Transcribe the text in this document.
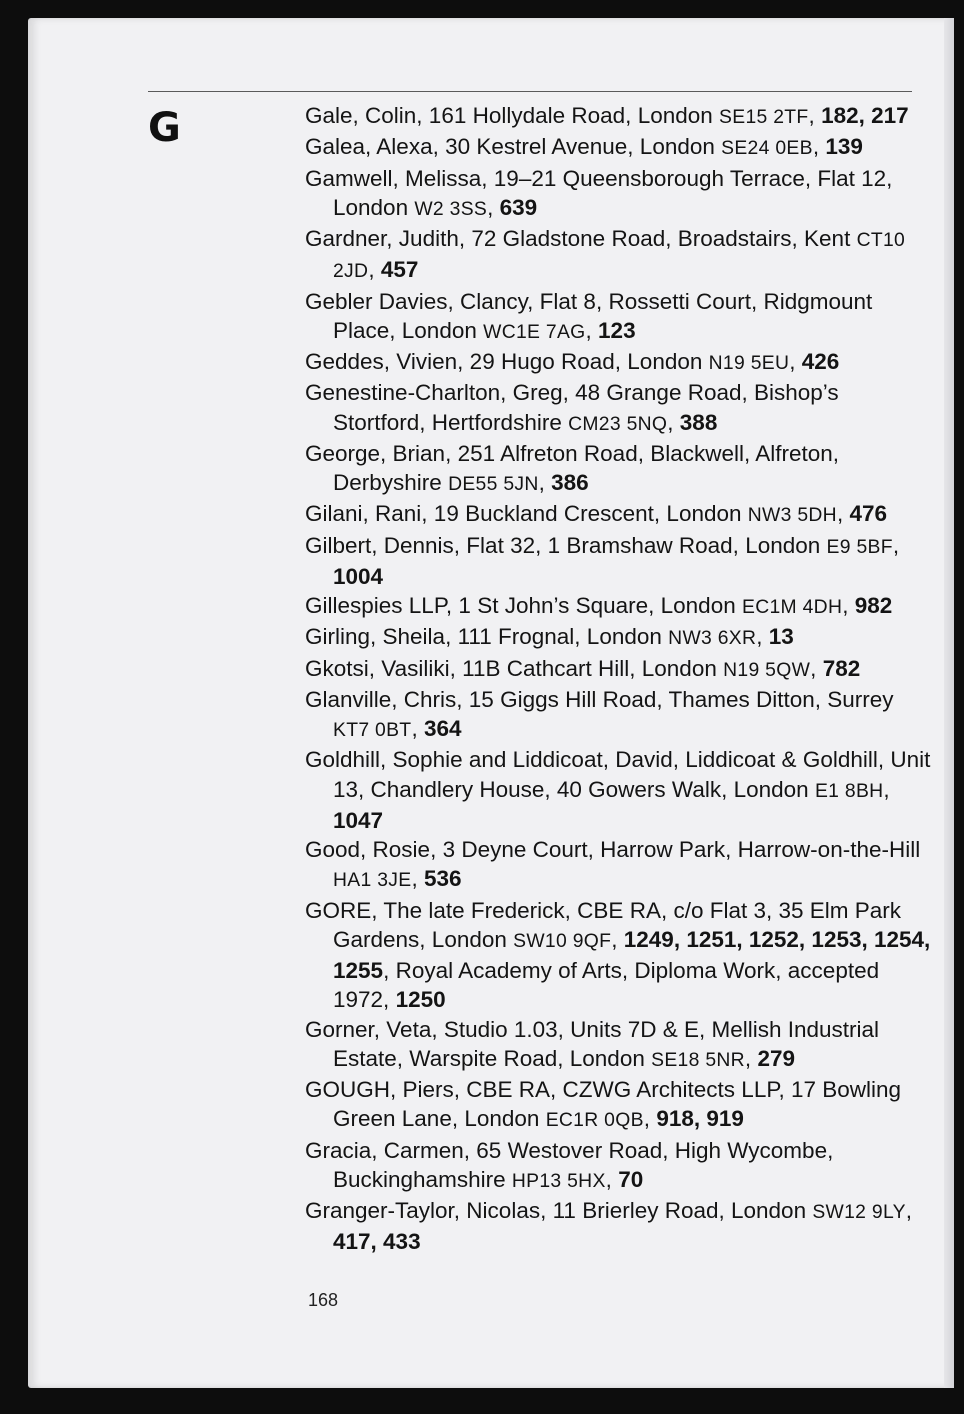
G	Gale, Colin, 161 Hollydale Road, London SE15 2TF, 182, 217
Galea, Alexa, 30 Kestrel Avenue, London SE24 0EB, 139
Gamwell, Melissa, 19–21 Queensborough Terrace, Flat 12, London W2 3SS, 639
Gardner, Judith, 72 Gladstone Road, Broadstairs, Kent CT10 2JD, 457
Gebler Davies, Clancy, Flat 8, Rossetti Court, Ridgmount Place, London WC1E 7AG, 123
Geddes, Vivien, 29 Hugo Road, London N19 5EU, 426
Genestine-Charlton, Greg, 48 Grange Road, Bishop’s Stortford, Hertfordshire CM23 5NQ, 388
George, Brian, 251 Alfreton Road, Blackwell, Alfreton, Derbyshire DE55 5JN, 386
Gilani, Rani, 19 Buckland Crescent, London NW3 5DH, 476
Gilbert, Dennis, Flat 32, 1 Bramshaw Road, London E9 5BF, 1004
Gillespies LLP, 1 St John’s Square, London EC1M 4DH, 982
Girling, Sheila, 111 Frognal, London NW3 6XR, 13
Gkotsi, Vasiliki, 11B Cathcart Hill, London N19 5QW, 782
Glanville, Chris, 15 Giggs Hill Road, Thames Ditton, Surrey KT7 0BT, 364
Goldhill, Sophie and Liddicoat, David, Liddicoat & Goldhill, Unit 13, Chandlery House, 40 Gowers Walk, London E1 8BH, 1047
Good, Rosie, 3 Deyne Court, Harrow Park, Harrow-on-the-Hill HA1 3JE, 536
GORE, The late Frederick, CBE RA, c/o Flat 3, 35 Elm Park Gardens, London SW10 9QF, 1249, 1251, 1252, 1253, 1254, 1255, Royal Academy of Arts, Diploma Work, accepted 1972, 1250
Gorner, Veta, Studio 1.03, Units 7D & E, Mellish Industrial Estate, Warspite Road, London SE18 5NR, 279
GOUGH, Piers, CBE RA, CZWG Architects LLP, 17 Bowling Green Lane, London EC1R 0QB, 918, 919
Gracia, Carmen, 65 Westover Road, High Wycombe, Buckinghamshire HP13 5HX, 70
Granger-Taylor, Nicolas, 11 Brierley Road, London SW12 9LY, 417, 433
168
